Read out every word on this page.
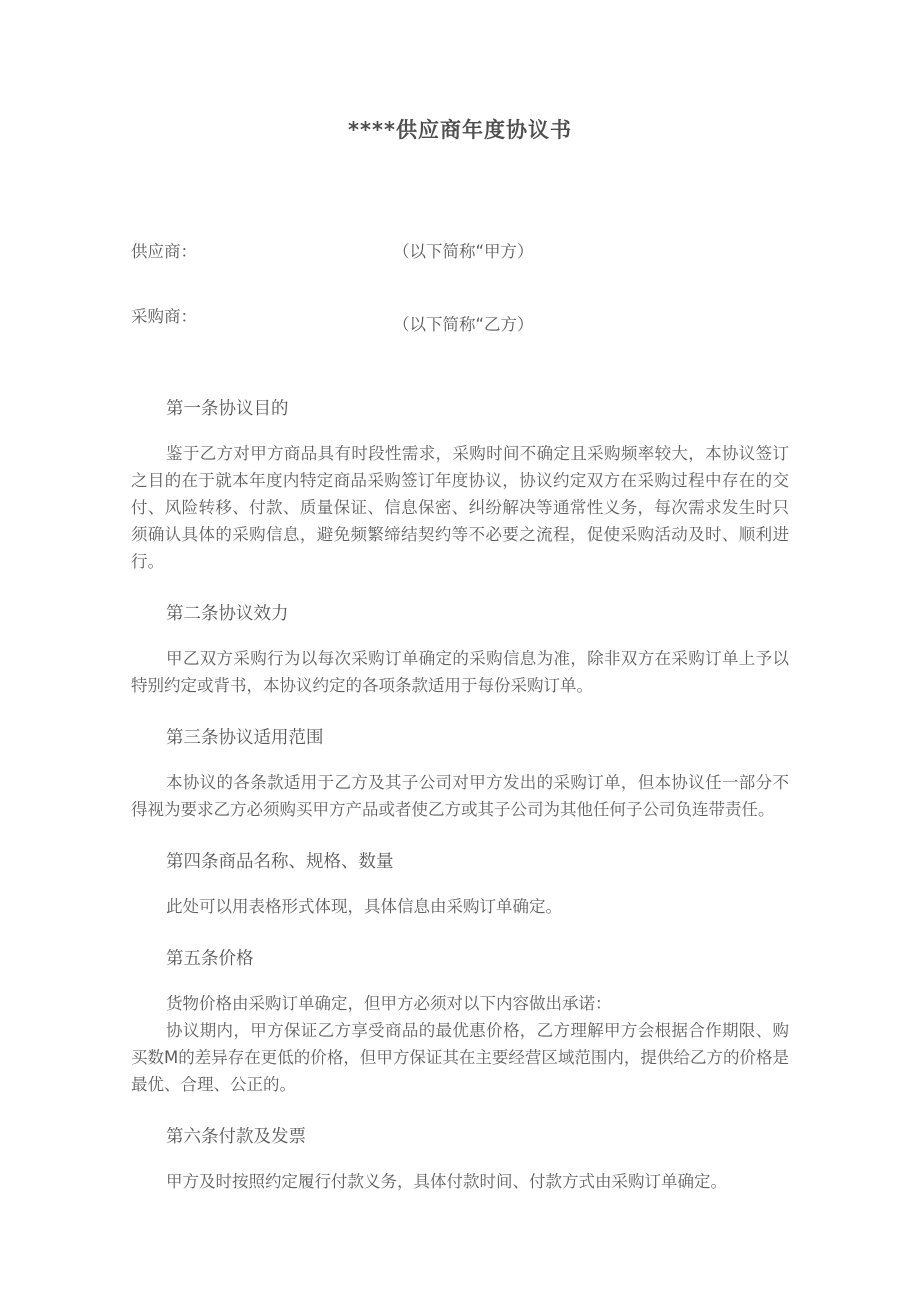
****供应商年度协议书
供应商：	（以下简称“甲方）
采购商：	（以下简称“乙方）
第一条协议目的

鉴于乙方对甲方商品具有时段性需求，采购时间不确定且采购频率较大，本协议签订之目的在于就本年度内特定商品采购签订年度协议，协议约定双方在采购过程中存在的交付、风险转移、付款、质量保证、信息保密、纠纷解决等通常性义务，每次需求发生时只须确认具体的采购信息，避免频繁缔结契约等不必要之流程，促使采购活动及时、顺利进行。

第二条协议效力

甲乙双方采购行为以每次采购订单确定的采购信息为准，除非双方在采购订单上予以特别约定或背书，本协议约定的各项条款适用于每份采购订单。

第三条协议适用范围

本协议的各条款适用于乙方及其子公司对甲方发出的采购订单，但本协议任一部分不得视为要求乙方必须购买甲方产品或者使乙方或其子公司为其他任何子公司负连带责任。

第四条商品名称、规格、数量

此处可以用表格形式体现，具体信息由采购订单确定。

第五条价格

货物价格由采购订单确定，但甲方必须对以下内容做出承诺：

协议期内，甲方保证乙方享受商品的最优惠价格，乙方理解甲方会根据合作期限、购买数M的差异存在更低的价格，但甲方保证其在主要经营区域范围内，提供给乙方的价格是最优、合理、公正的。

第六条付款及发票

甲方及时按照约定履行付款义务，具体付款时间、付款方式由采购订单确定。
